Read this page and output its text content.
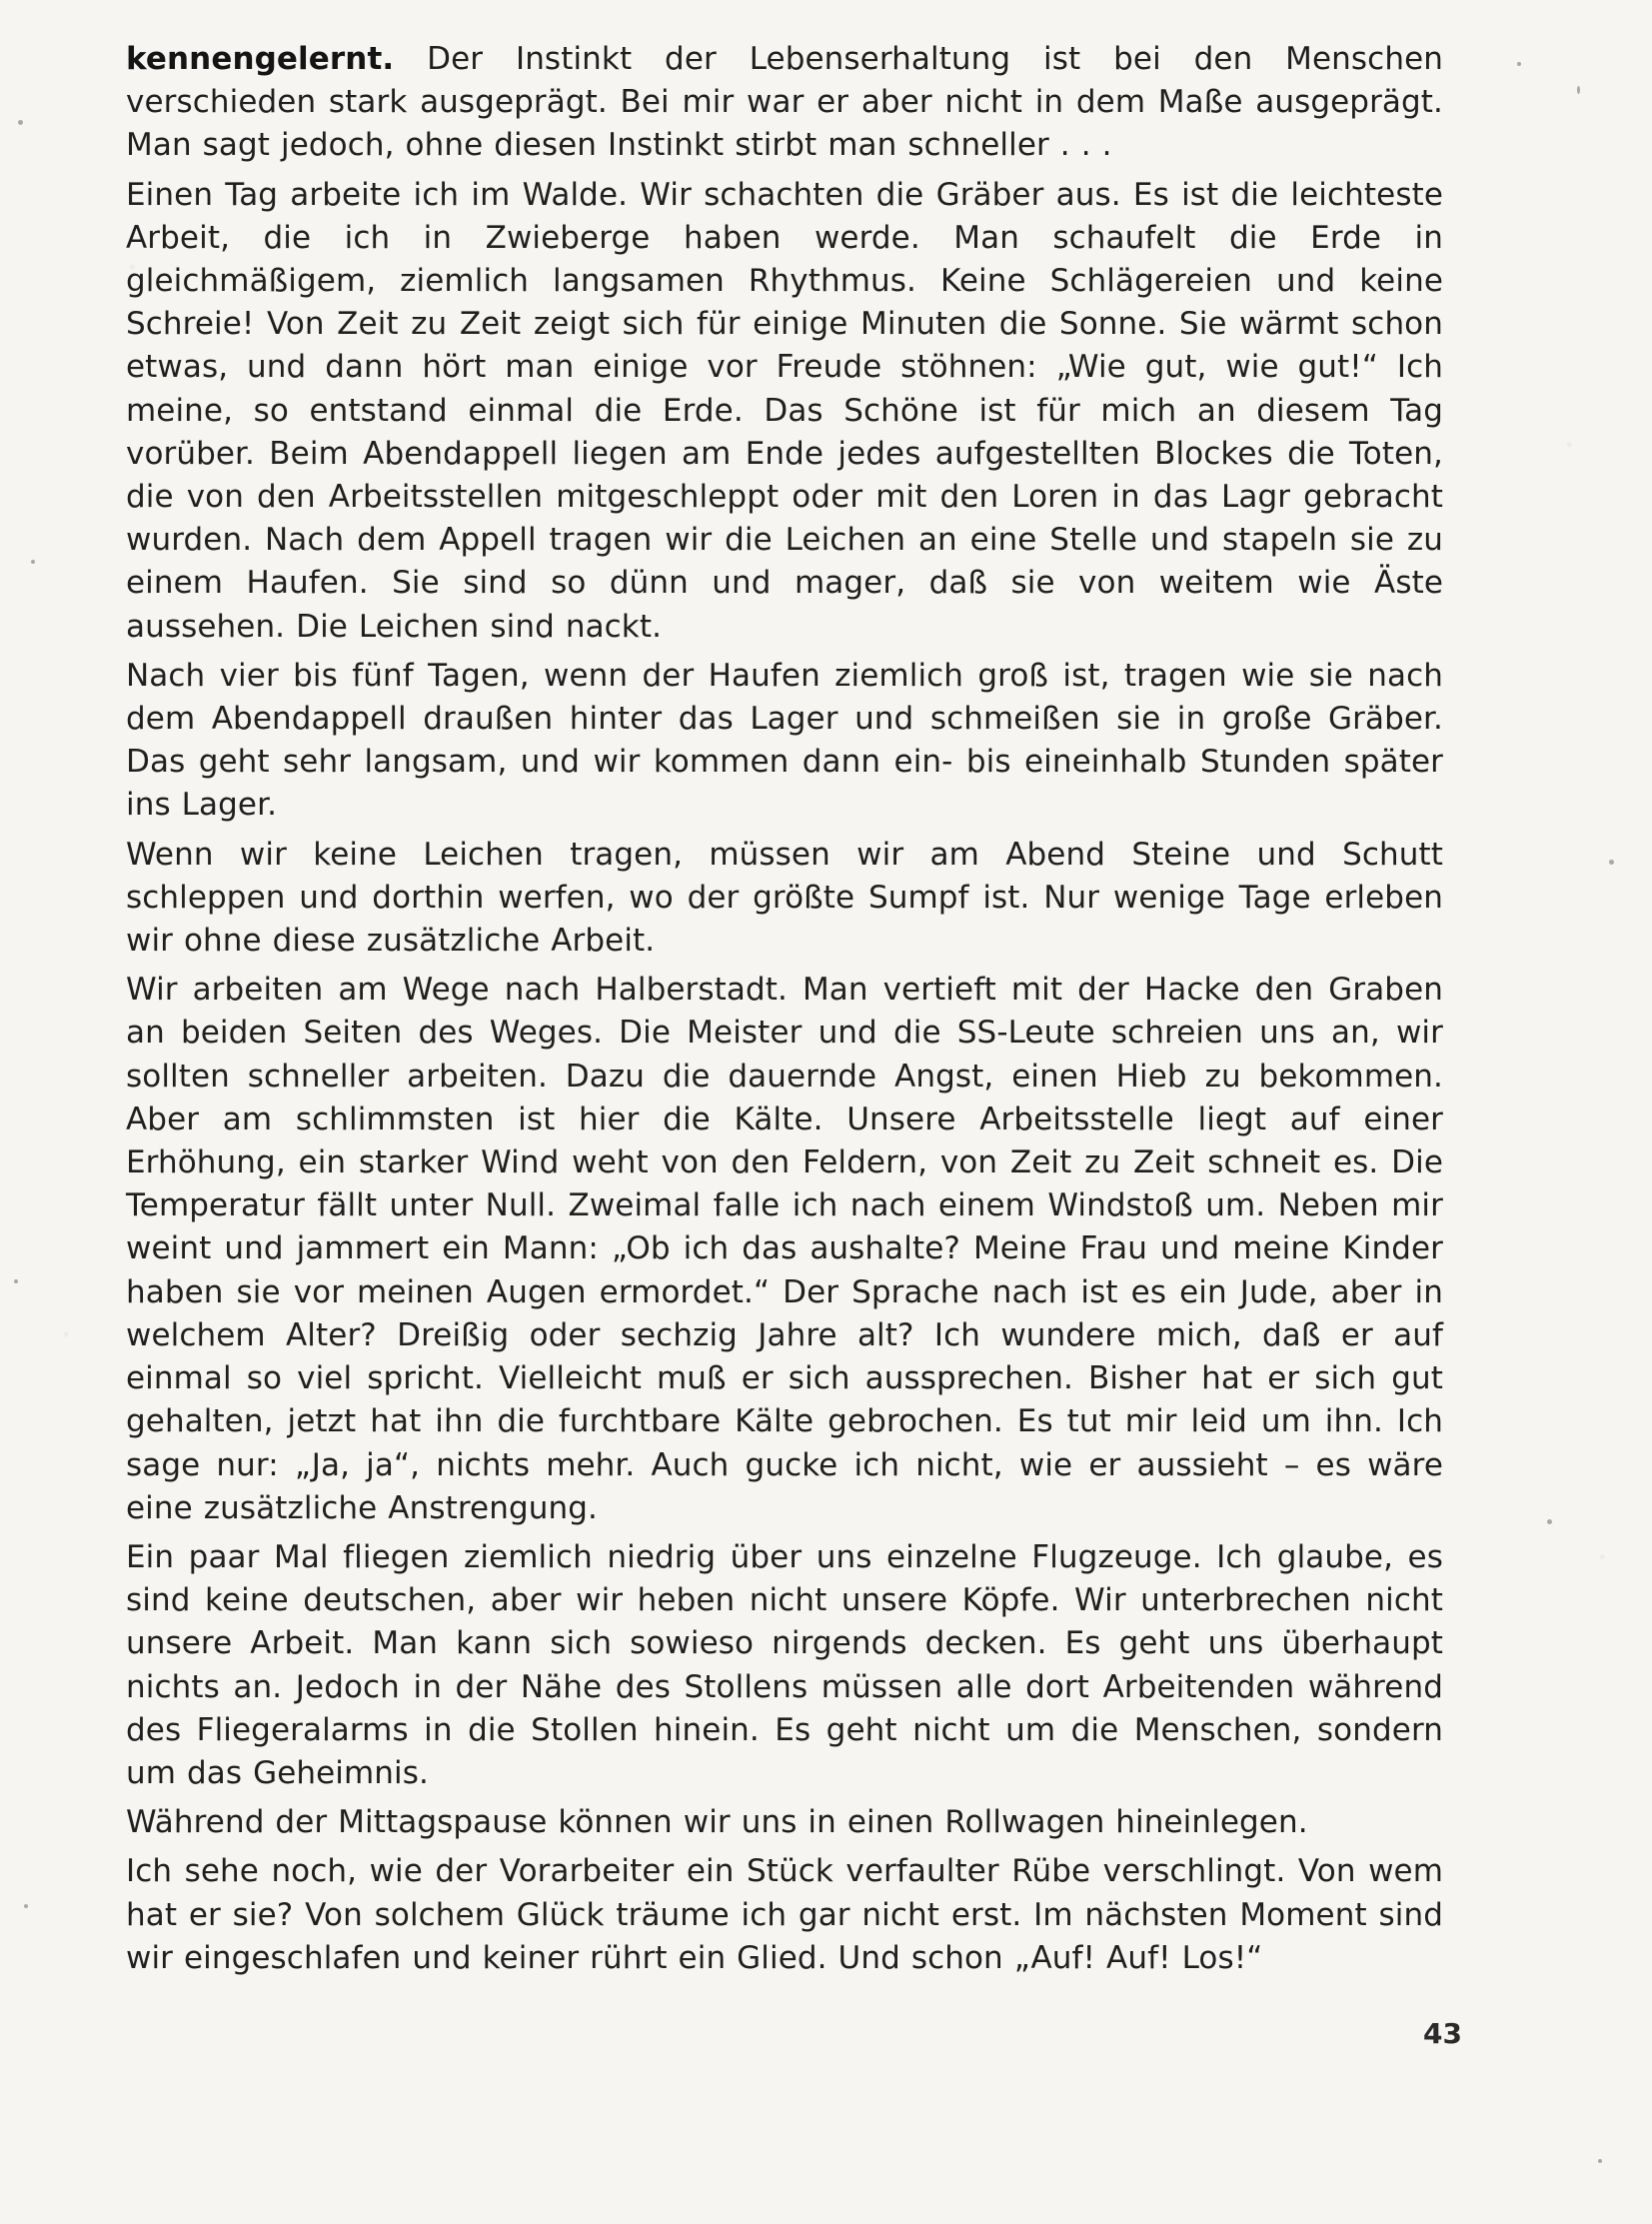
kennengelernt. Der Instinkt der Lebenserhaltung ist bei den Menschen verschieden stark ausgeprägt. Bei mir war er aber nicht in dem Maße ausgeprägt. Man sagt jedoch, ohne diesen Instinkt stirbt man schneller . . .

Einen Tag arbeite ich im Walde. Wir schachten die Gräber aus. Es ist die leichteste Arbeit, die ich in Zwieberge haben werde. Man schaufelt die Erde in gleichmäßigem, ziemlich langsamen Rhythmus. Keine Schlägereien und keine Schreie! Von Zeit zu Zeit zeigt sich für einige Minuten die Sonne. Sie wärmt schon etwas, und dann hört man einige vor Freude stöhnen: „Wie gut, wie gut!“ Ich meine, so entstand einmal die Erde. Das Schöne ist für mich an diesem Tag vorüber. Beim Abendappell liegen am Ende jedes aufgestellten Blockes die Toten, die von den Arbeitsstellen mitgeschleppt oder mit den Loren in das Lagr gebracht wurden. Nach dem Appell tragen wir die Leichen an eine Stelle und stapeln sie zu einem Haufen. Sie sind so dünn und mager, daß sie von weitem wie Äste aussehen. Die Leichen sind nackt.

Nach vier bis fünf Tagen, wenn der Haufen ziemlich groß ist, tragen wie sie nach dem Abendappell draußen hinter das Lager und schmeißen sie in große Gräber. Das geht sehr langsam, und wir kommen dann ein- bis eineinhalb Stunden später ins Lager.

Wenn wir keine Leichen tragen, müssen wir am Abend Steine und Schutt schleppen und dorthin werfen, wo der größte Sumpf ist. Nur wenige Tage erleben wir ohne diese zusätzliche Arbeit.

Wir arbeiten am Wege nach Halberstadt. Man vertieft mit der Hacke den Graben an beiden Seiten des Weges. Die Meister und die SS-Leute schreien uns an, wir sollten schneller arbeiten. Dazu die dauernde Angst, einen Hieb zu bekommen. Aber am schlimmsten ist hier die Kälte. Unsere Arbeitsstelle liegt auf einer Erhöhung, ein starker Wind weht von den Feldern, von Zeit zu Zeit schneit es. Die Temperatur fällt unter Null. Zweimal falle ich nach einem Windstoß um. Neben mir weint und jammert ein Mann: „Ob ich das aushalte? Meine Frau und meine Kinder haben sie vor meinen Augen ermordet.“ Der Sprache nach ist es ein Jude, aber in welchem Alter? Dreißig oder sechzig Jahre alt? Ich wundere mich, daß er auf einmal so viel spricht. Vielleicht muß er sich aussprechen. Bisher hat er sich gut gehalten, jetzt hat ihn die furchtbare Kälte gebrochen. Es tut mir leid um ihn. Ich sage nur: „Ja, ja“, nichts mehr. Auch gucke ich nicht, wie er aussieht – es wäre eine zusätzliche Anstrengung.

Ein paar Mal fliegen ziemlich niedrig über uns einzelne Flugzeuge. Ich glaube, es sind keine deutschen, aber wir heben nicht unsere Köpfe. Wir unterbrechen nicht unsere Arbeit. Man kann sich sowieso nirgends decken. Es geht uns überhaupt nichts an. Jedoch in der Nähe des Stollens müssen alle dort Arbeitenden während des Fliegeralarms in die Stollen hinein. Es geht nicht um die Menschen, sondern um das Geheimnis.

Während der Mittagspause können wir uns in einen Rollwagen hineinlegen.

Ich sehe noch, wie der Vorarbeiter ein Stück verfaulter Rübe verschlingt. Von wem hat er sie? Von solchem Glück träume ich gar nicht erst. Im nächsten Moment sind wir eingeschlafen und keiner rührt ein Glied. Und schon „Auf! Auf! Los!“

43
